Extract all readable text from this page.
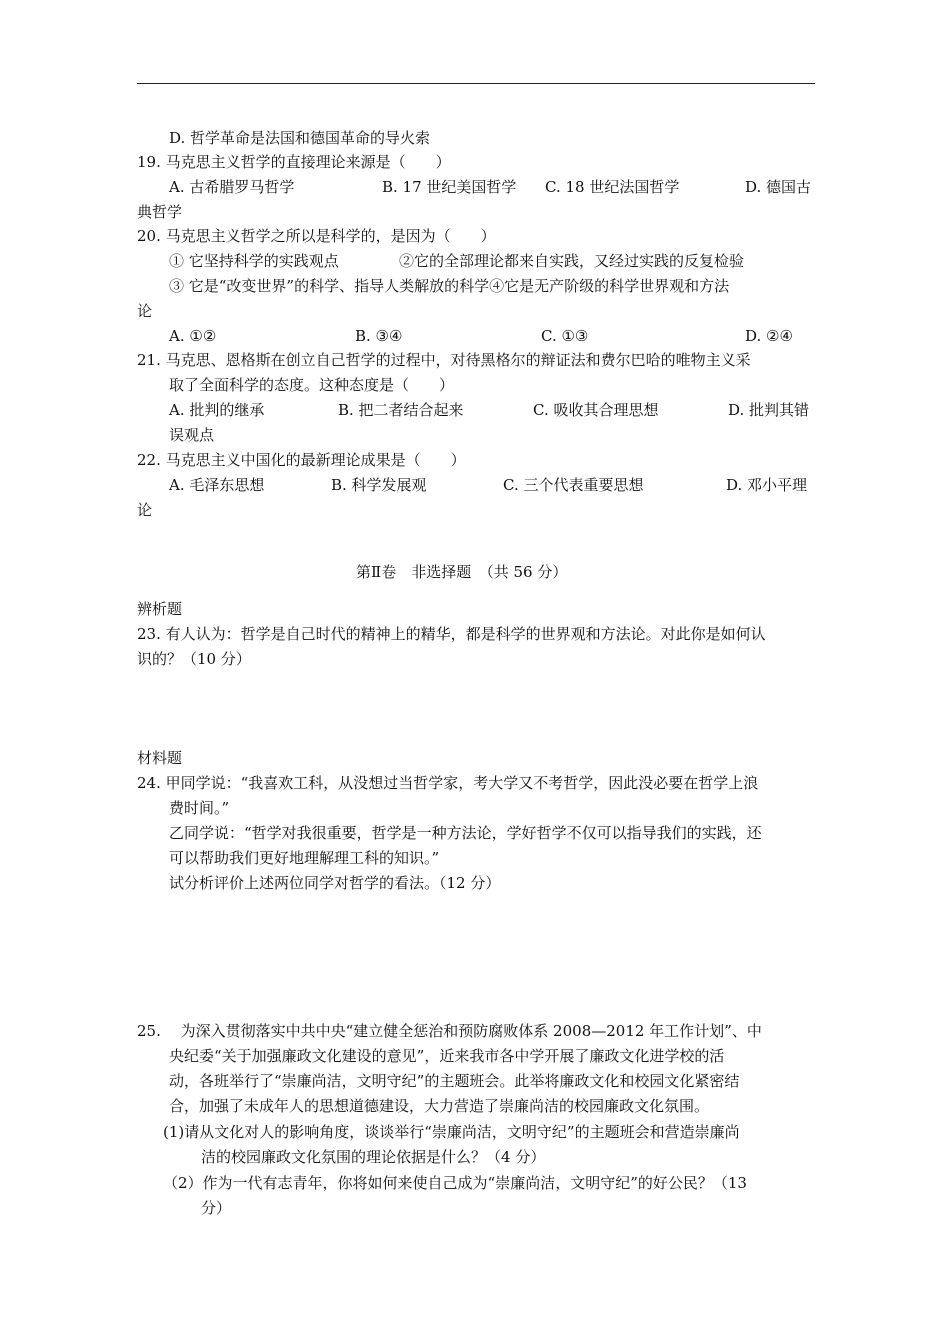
D. 哲学革命是法国和德国革命的导火索
19. 马克思主义哲学的直接理论来源是（　　）
A. 古希腊罗马哲学	B. 17 世纪美国哲学 C. 18 世纪法国哲学	D. 德国古
典哲学
20. 马克思主义哲学之所以是科学的，是因为（　　）
① 它坚持科学的实践观点	②它的全部理论都来自实践，又经过实践的反复检验
③ 它是“改变世界”的科学、指导人类解放的科学④它是无产阶级的科学世界观和方法
论
A. ①②	B. ③④	C. ①③	D. ②④
21. 马克思、恩格斯在创立自己哲学的过程中，对待黑格尔的辩证法和费尔巴哈的唯物主义采
取了全面科学的态度。这种态度是（　　）
A. 批判的继承	B. 把二者结合起来	C. 吸收其合理思想	D. 批判其错
误观点
22. 马克思主义中国化的最新理论成果是（　　）
A. 毛泽东思想	B. 科学发展观	C. 三个代表重要思想	D. 邓小平理
论
第Ⅱ卷　非选择题　（共 56 分）
辨析题
23. 有人认为：哲学是自己时代的精神上的精华，都是科学的世界观和方法论。对此你是如何认
识的？（10 分）
材料题
24. 甲同学说：“我喜欢工科，从没想过当哲学家，考大学又不考哲学，因此没必要在哲学上浪
费时间。”
乙同学说：“哲学对我很重要，哲学是一种方法论，学好哲学不仅可以指导我们的实践，还
可以帮助我们更好地理解理工科的知识。”
试分析评价上述两位同学对哲学的看法。（12 分）
25. 　为深入贯彻落实中共中央“建立健全惩治和预防腐败体系 2008—2012 年工作计划”、中
央纪委“关于加强廉政文化建设的意见”，近来我市各中学开展了廉政文化进学校的活
动，各班举行了“崇廉尚洁，文明守纪”的主题班会。此举将廉政文化和校园文化紧密结
合，加强了未成年人的思想道德建设，大力营造了崇廉尚洁的校园廉政文化氛围。
(1)请从文化对人的影响角度，谈谈举行“崇廉尚洁，文明守纪”的主题班会和营造崇廉尚
洁的校园廉政文化氛围的理论依据是什么？（4 分）
（2）作为一代有志青年，你将如何来使自己成为“崇廉尚洁，文明守纪”的好公民？（13
分）
